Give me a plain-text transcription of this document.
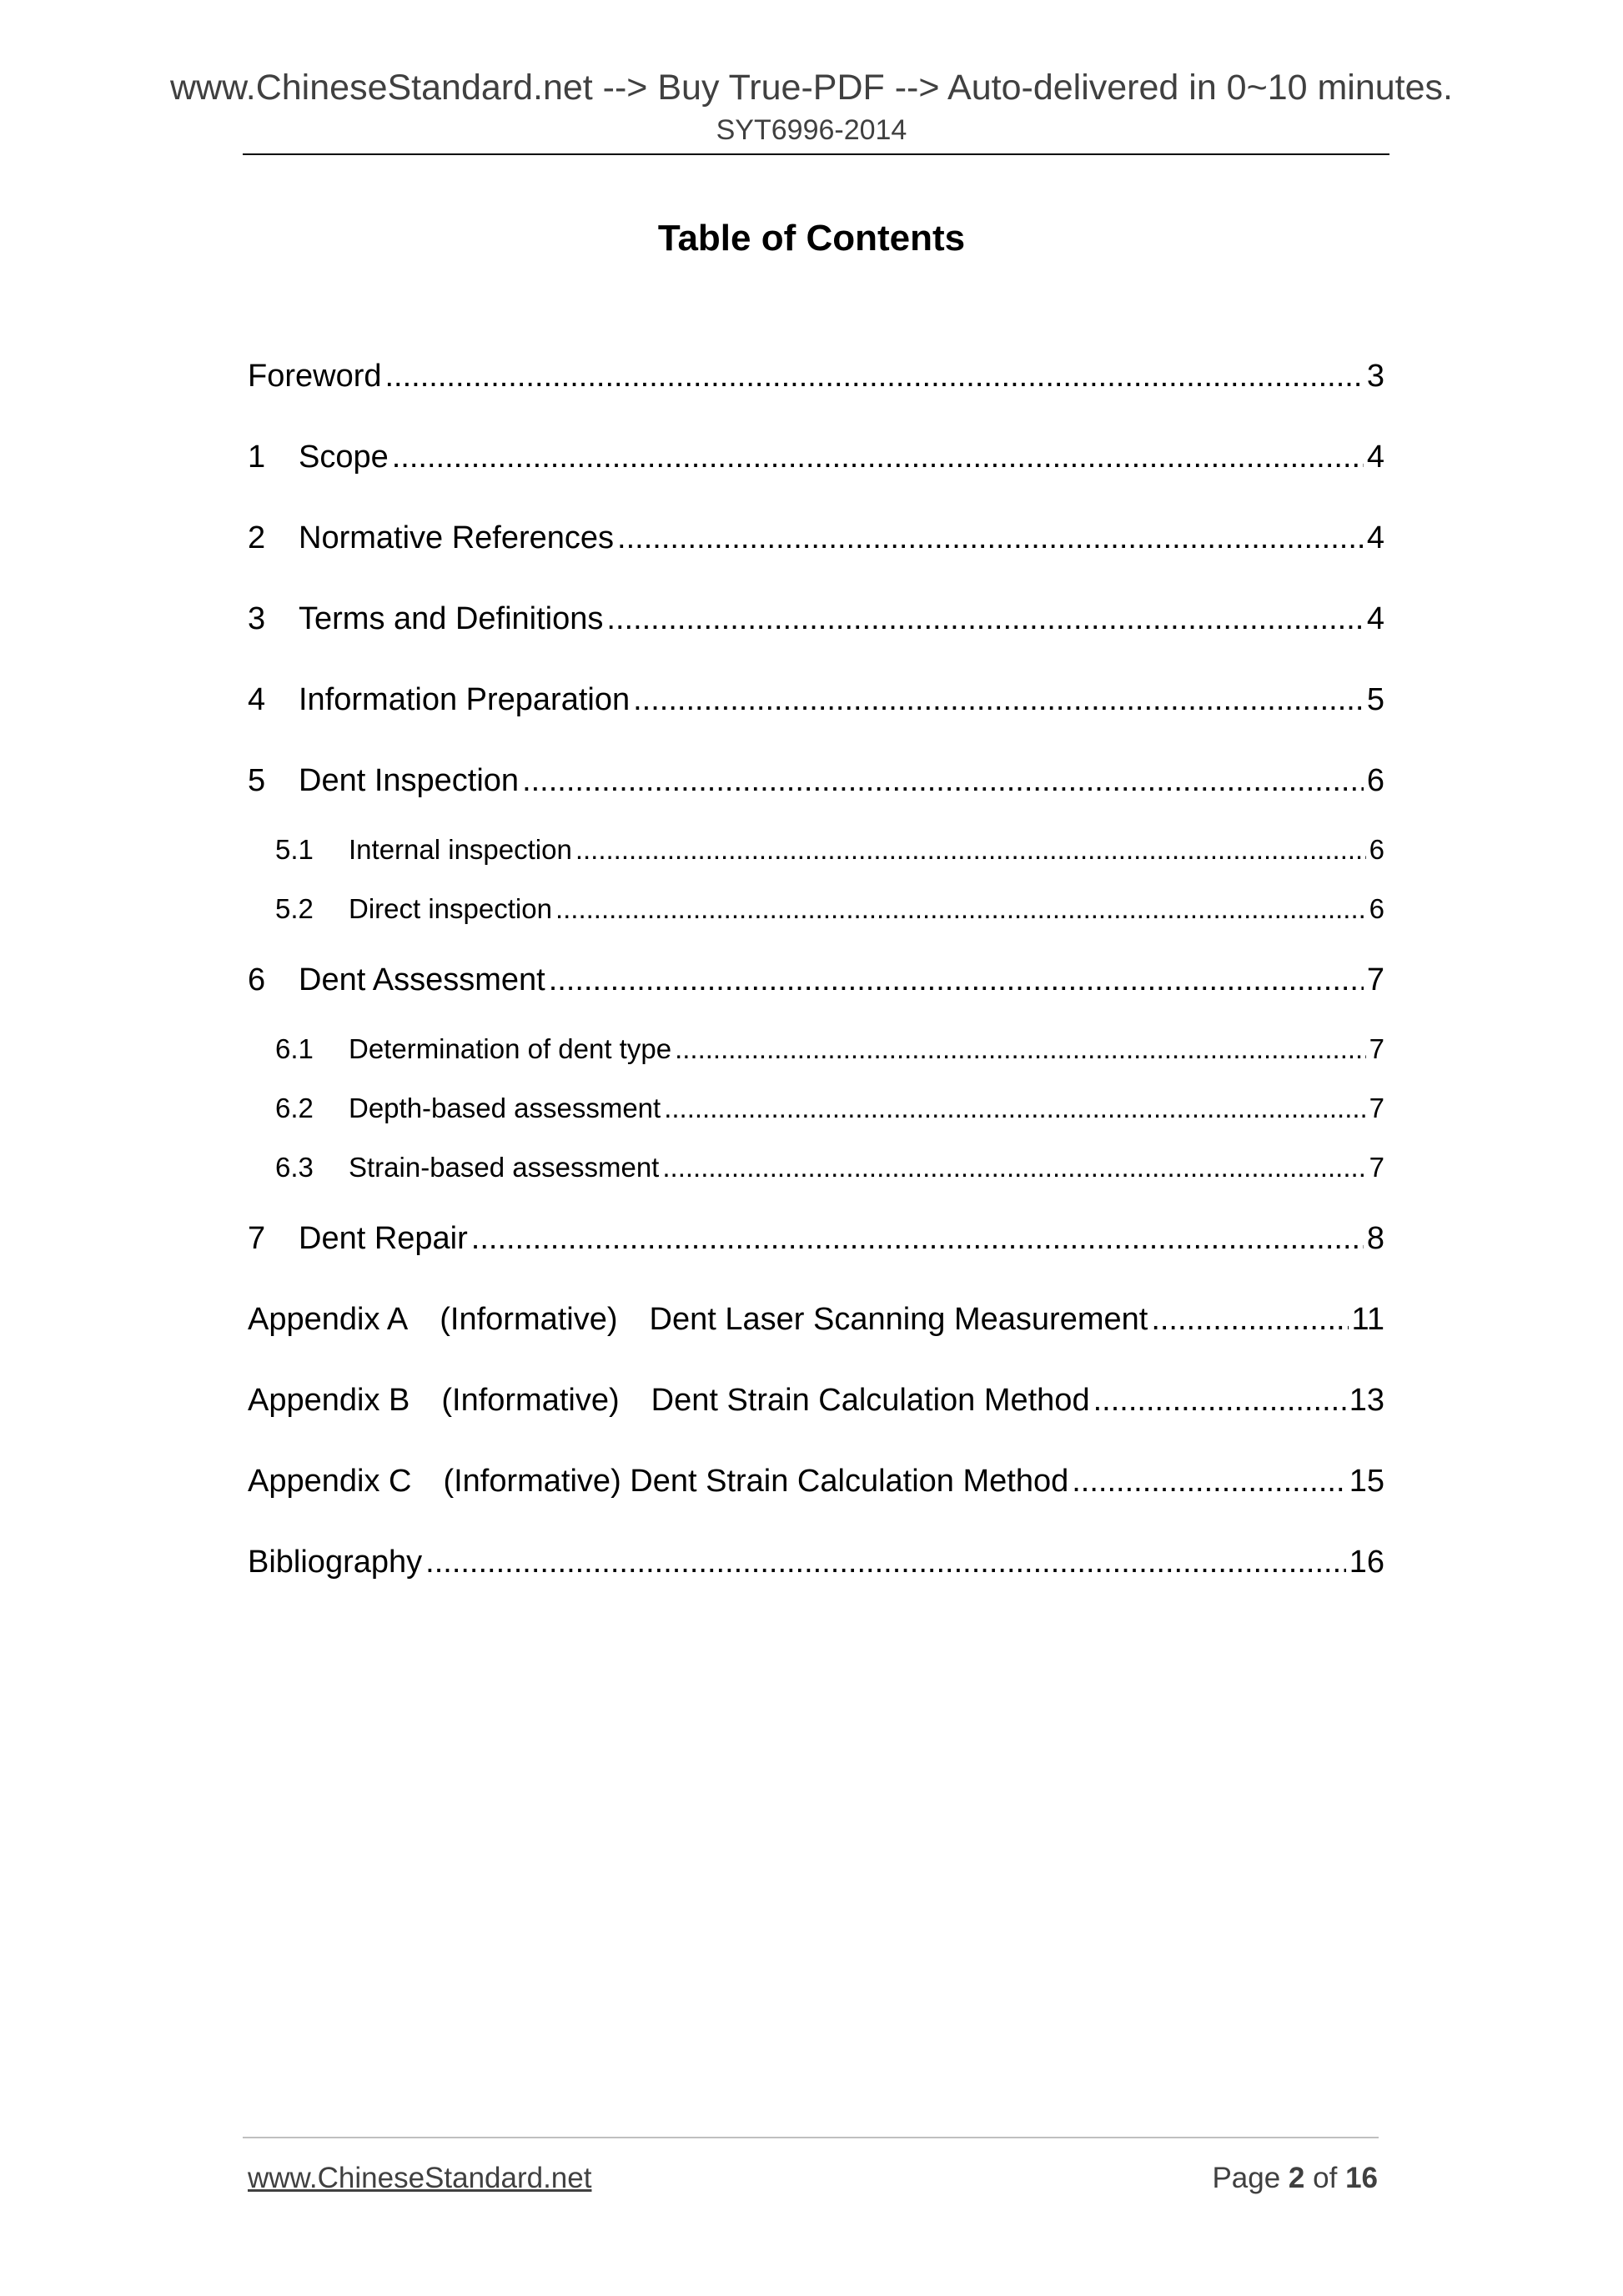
www.ChineseStandard.net --> Buy True-PDF --> Auto-delivered in 0~10 minutes.
SYT6996-2014
Table of Contents
Foreword .....	3
1	Scope .....	4
2	Normative References .....	4
3	Terms and Definitions .....	4
4	Information Preparation .....	5
5	Dent Inspection .....	6
5.1	Internal inspection .....	6
5.2	Direct inspection .....	6
6	Dent Assessment .....	7
6.1	Determination of dent type .....	7
6.2	Depth-based assessment .....	7
6.3	Strain-based assessment .....	7
7	Dent Repair .....	8
Appendix A (Informative) Dent Laser Scanning Measurement .....	11
Appendix B (Informative) Dent Strain Calculation Method .....	13
Appendix C (Informative) Dent Strain Calculation Method .....	15
Bibliography .....	16
www.ChineseStandard.net	Page 2 of 16
